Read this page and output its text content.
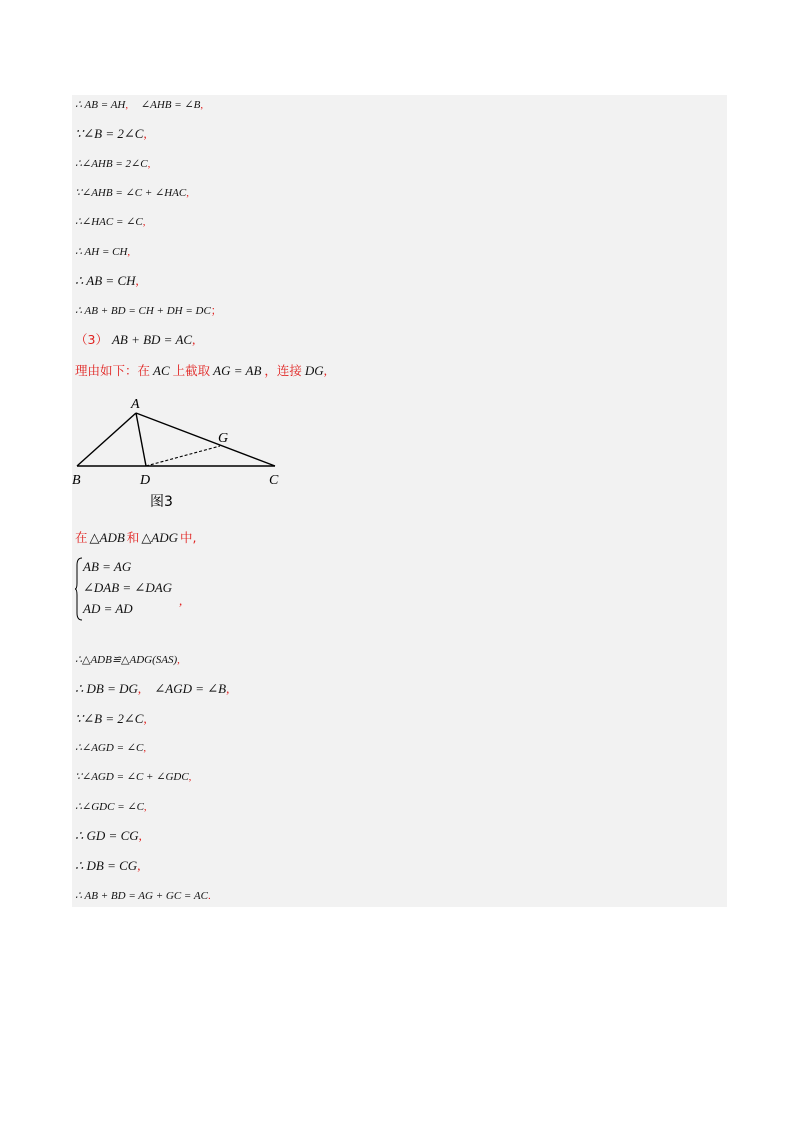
∴ AB = AH, ∠AHB = ∠B,
∵∠B = 2∠C,
∴∠AHB = 2∠C,
∵∠AHB = ∠C + ∠HAC,
∴∠HAC = ∠C,
∴ AH = CH,
∴ AB = CH,
∴ AB + BD = CH + DH = DC；
（3） AB + BD = AC,
理由如下：在 AC 上截取 AG = AB ，连接 DG,
A
G
B	D	C
图3
在 △ADB 和 △ADG 中,
AB = AG
∠DAB = ∠DAG
AD = AD
,
∴△ADB≌△ADG(SAS),
∴ DB = DG, ∠AGD = ∠B,
∵∠B = 2∠C,
∴∠AGD = ∠C,
∵∠AGD = ∠C + ∠GDC,
∴∠GDC = ∠C,
∴ GD = CG,
∴ DB = CG,
∴ AB + BD = AG + GC = AC.
